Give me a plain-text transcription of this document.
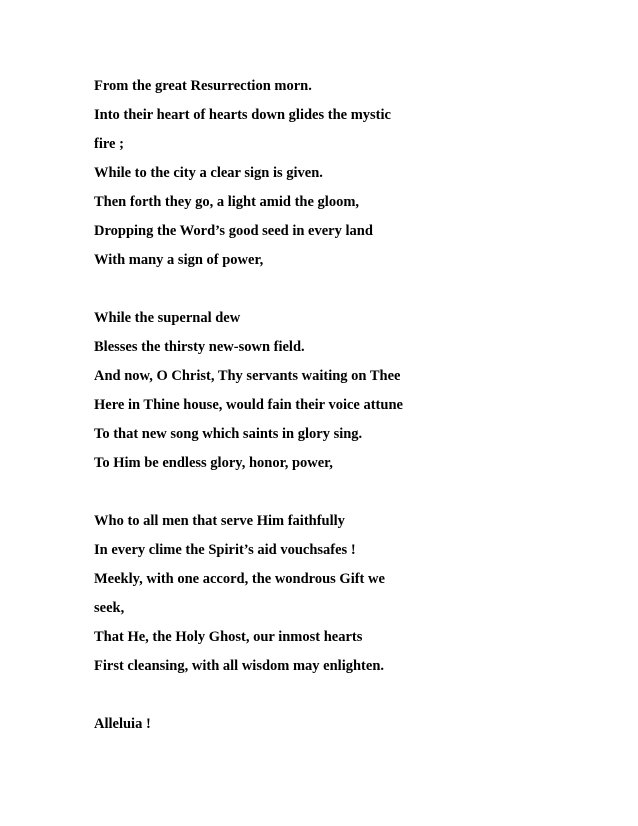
From the great Resurrection morn.
Into their heart of hearts down glides the mystic
fire ;
While to the city a clear sign is given.
Then forth they go, a light amid the gloom,
Dropping the Word’s good seed in every land
With many a sign of power,
While the supernal dew
Blesses the thirsty new-sown field.
And now, O Christ, Thy servants waiting on Thee
Here in Thine house, would fain their voice attune
To that new song which saints in glory sing.
To Him be endless glory, honor, power,
Who to all men that serve Him faithfully
In every clime the Spirit’s aid vouchsafes !
Meekly, with one accord, the wondrous Gift we
seek,
That He, the Holy Ghost, our inmost hearts
First cleansing, with all wisdom may enlighten.
Alleluia !
